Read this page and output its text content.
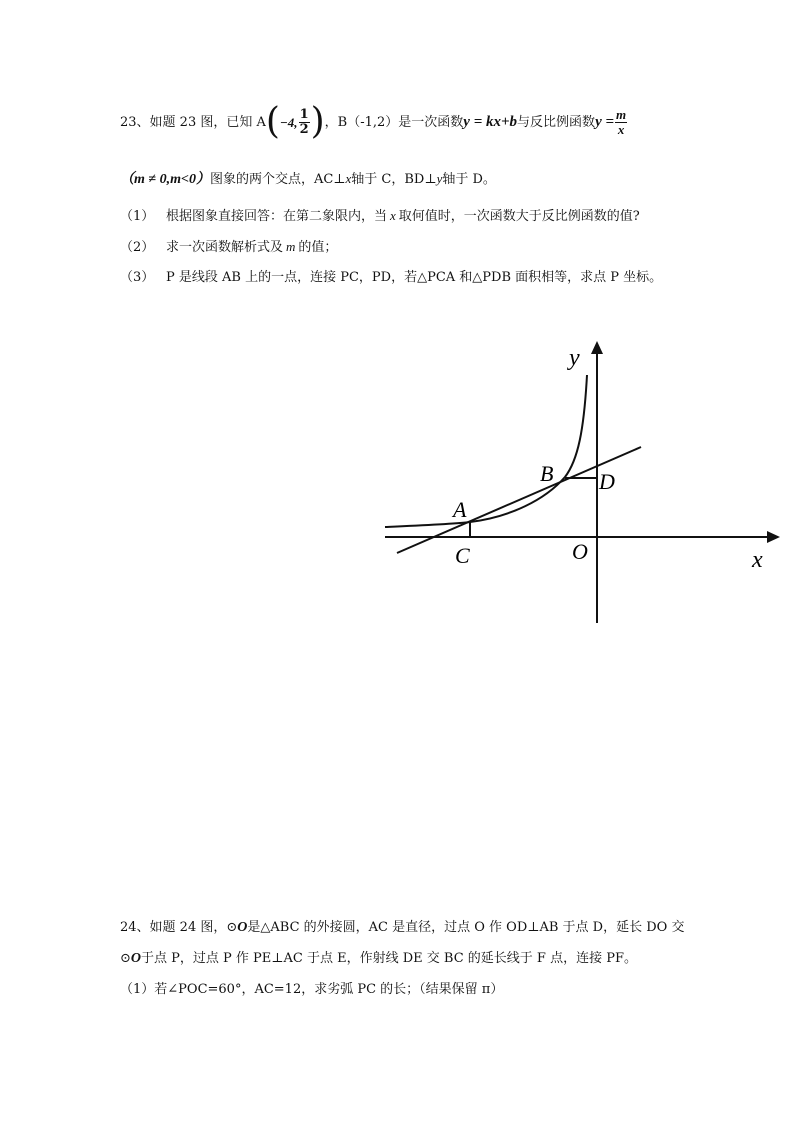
23、如题 23 图，已知 A ( −4, $\frac{1}{2}$ ) ，B（-1,2）是一次函数y = kx+b与反比例函数$y = \frac{m}{x}$
（m ≠ 0,m<0）图象的两个交点，AC⊥x轴于 C，BD⊥y轴于 D。
（1） 根据图象直接回答：在第二象限内，当 x 取何值时，一次函数大于反比例函数的值?
（2） 求一次函数解析式及 m 的值；
（3） P 是线段 AB 上的一点，连接 PC，PD，若△PCA 和△PDB 面积相等，求点 P 坐标。
y
x
A
B
C
D
O
24、如题 24 图，⊙O是△ABC 的外接圆，AC 是直径，过点 O 作 OD⊥AB 于点 D，延长 DO 交
⊙O于点 P，过点 P 作 PE⊥AC 于点 E，作射线 DE 交 BC 的延长线于 F 点，连接 PF。
（1）若∠POC=60°，AC=12，求劣弧 PC 的长；（结果保留 π）
